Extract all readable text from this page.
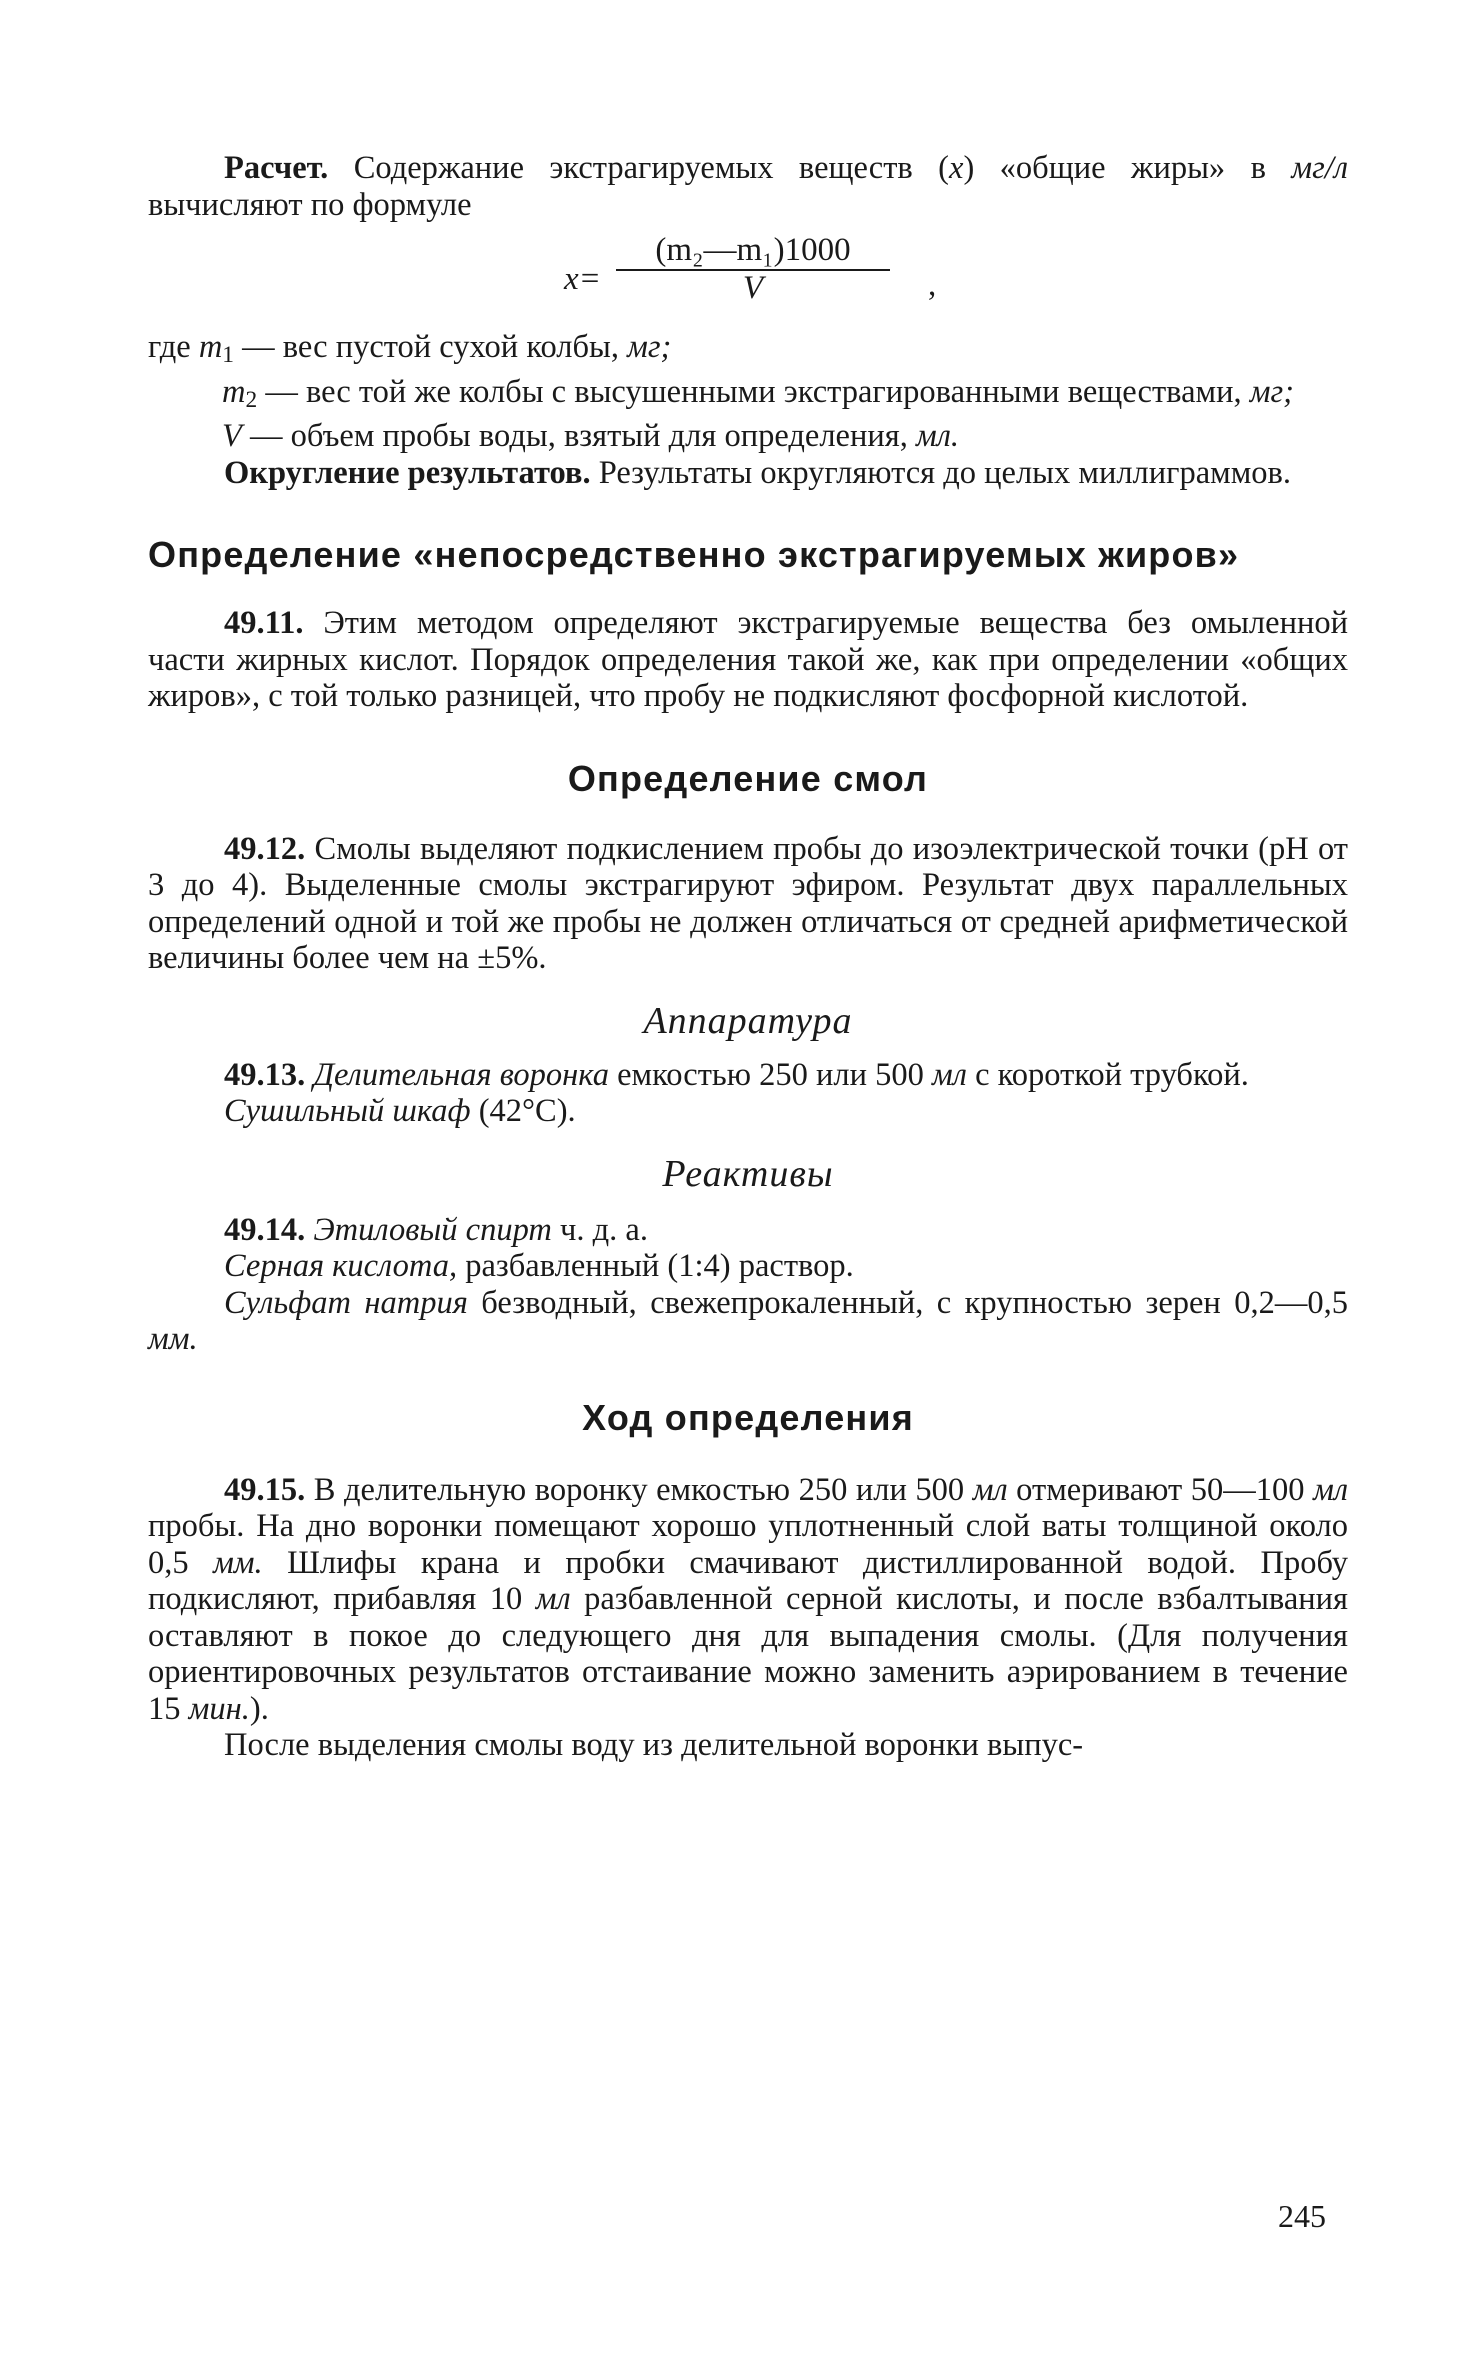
Расчет. Содержание экстрагируемых веществ (x) «общие жиры» в мг/л вычисляют по формуле

x=
(m₂—m₁)1000
V	,

где $m_1$ — вес пустой сухой колбы, мг;

$m_2$ — вес той же колбы с высушенными экстрагированными веществами, мг;

V — объем пробы воды, взятый для определения, мл.

Округление результатов. Результаты округляются до целых миллиграммов.

Определение «непосредственно экстрагируемых жиров»

49.11. Этим методом определяют экстрагируемые вещества без омыленной части жирных кислот. Порядок определения такой же, как при определении «общих жиров», с той только разницей, что пробу не подкисляют фосфорной кислотой.

Определение смол

49.12. Смолы выделяют подкислением пробы до изоэлектрической точки (pH от 3 до 4). Выделенные смолы экстрагируют эфиром. Результат двух параллельных определений одной и той же пробы не должен отличаться от средней арифметической величины более чем на ±5%.

Аппаратура

49.13. Делительная воронка емкостью 250 или 500 мл с короткой трубкой.

Сушильный шкаф (42°C).

Реактивы

49.14. Этиловый спирт ч. д. а.

Серная кислота, разбавленный (1:4) раствор.

Сульфат натрия безводный, свежепрокаленный, с крупностью зерен 0,2—0,5 мм.

Ход определения

49.15. В делительную воронку емкостью 250 или 500 мл отмеривают 50—100 мл пробы. На дно воронки помещают хорошо уплотненный слой ваты толщиной около 0,5 мм. Шлифы крана и пробки смачивают дистиллированной водой. Пробу подкисляют, прибавляя 10 мл разбавленной серной кислоты, и после взбалтывания оставляют в покое до следующего дня для выпадения смолы. (Для получения ориентировочных результатов отстаивание можно заменить аэрированием в течение 15 мин.).

После выделения смолы воду из делительной воронки выпус-

245
